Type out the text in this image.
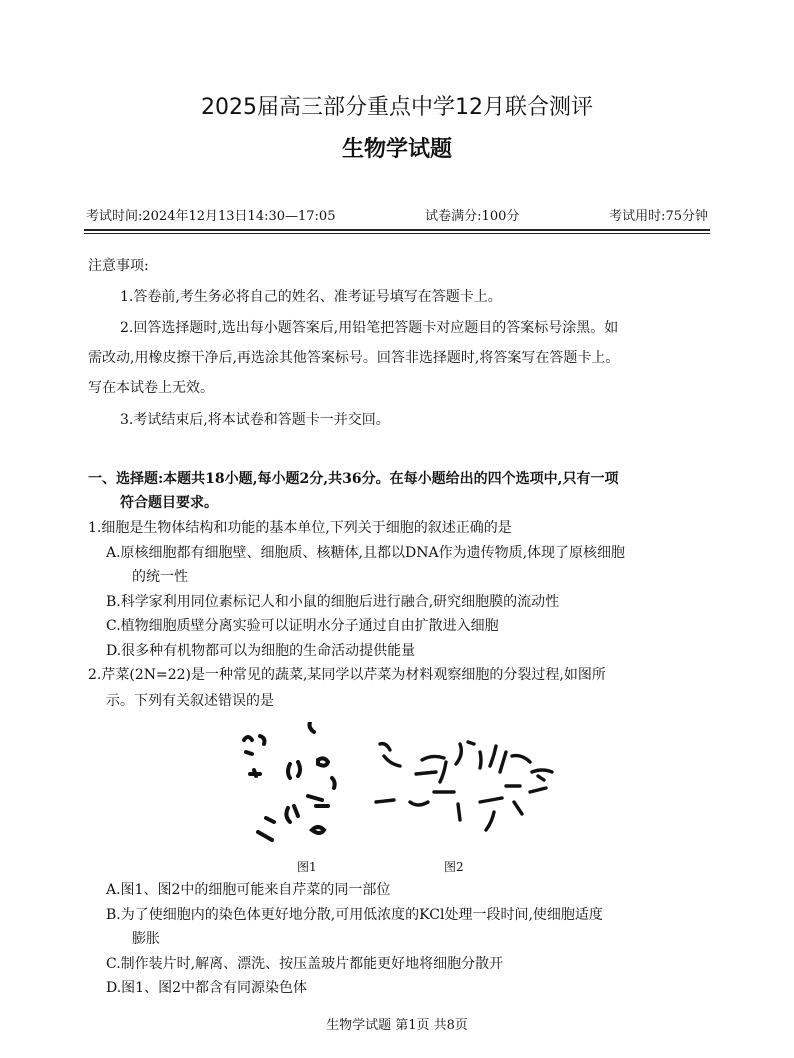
2025届高三部分重点中学12月联合测评
生物学试题
考试时间:2024年12月13日14:30—17:05	试卷满分:100分	考试用时:75分钟
注意事项:
1.答卷前,考生务必将自己的姓名、准考证号填写在答题卡上。
2.回答选择题时,选出每小题答案后,用铅笔把答题卡对应题目的答案标号涂黑。如
需改动,用橡皮擦干净后,再选涂其他答案标号。回答非选择题时,将答案写在答题卡上。
写在本试卷上无效。
3.考试结束后,将本试卷和答题卡一并交回。
一、选择题:本题共18小题,每小题2分,共36分。在每小题给出的四个选项中,只有一项
符合题目要求。
1.细胞是生物体结构和功能的基本单位,下列关于细胞的叙述正确的是
A.原核细胞都有细胞壁、细胞质、核糖体,且都以DNA作为遗传物质,体现了原核细胞
的统一性
B.科学家利用同位素标记人和小鼠的细胞后进行融合,研究细胞膜的流动性
C.植物细胞质壁分离实验可以证明水分子通过自由扩散进入细胞
D.很多种有机物都可以为细胞的生命活动提供能量
2.芹菜(2N=22)是一种常见的蔬菜,某同学以芹菜为材料观察细胞的分裂过程,如图所
示。下列有关叙述错误的是
图1	图2
A.图1、图2中的细胞可能来自芹菜的同一部位
B.为了使细胞内的染色体更好地分散,可用低浓度的KCl处理一段时间,使细胞适度
膨胀
C.制作装片时,解离、漂洗、按压盖玻片都能更好地将细胞分散开
D.图1、图2中都含有同源染色体
生物学试题 第1页 共8页
